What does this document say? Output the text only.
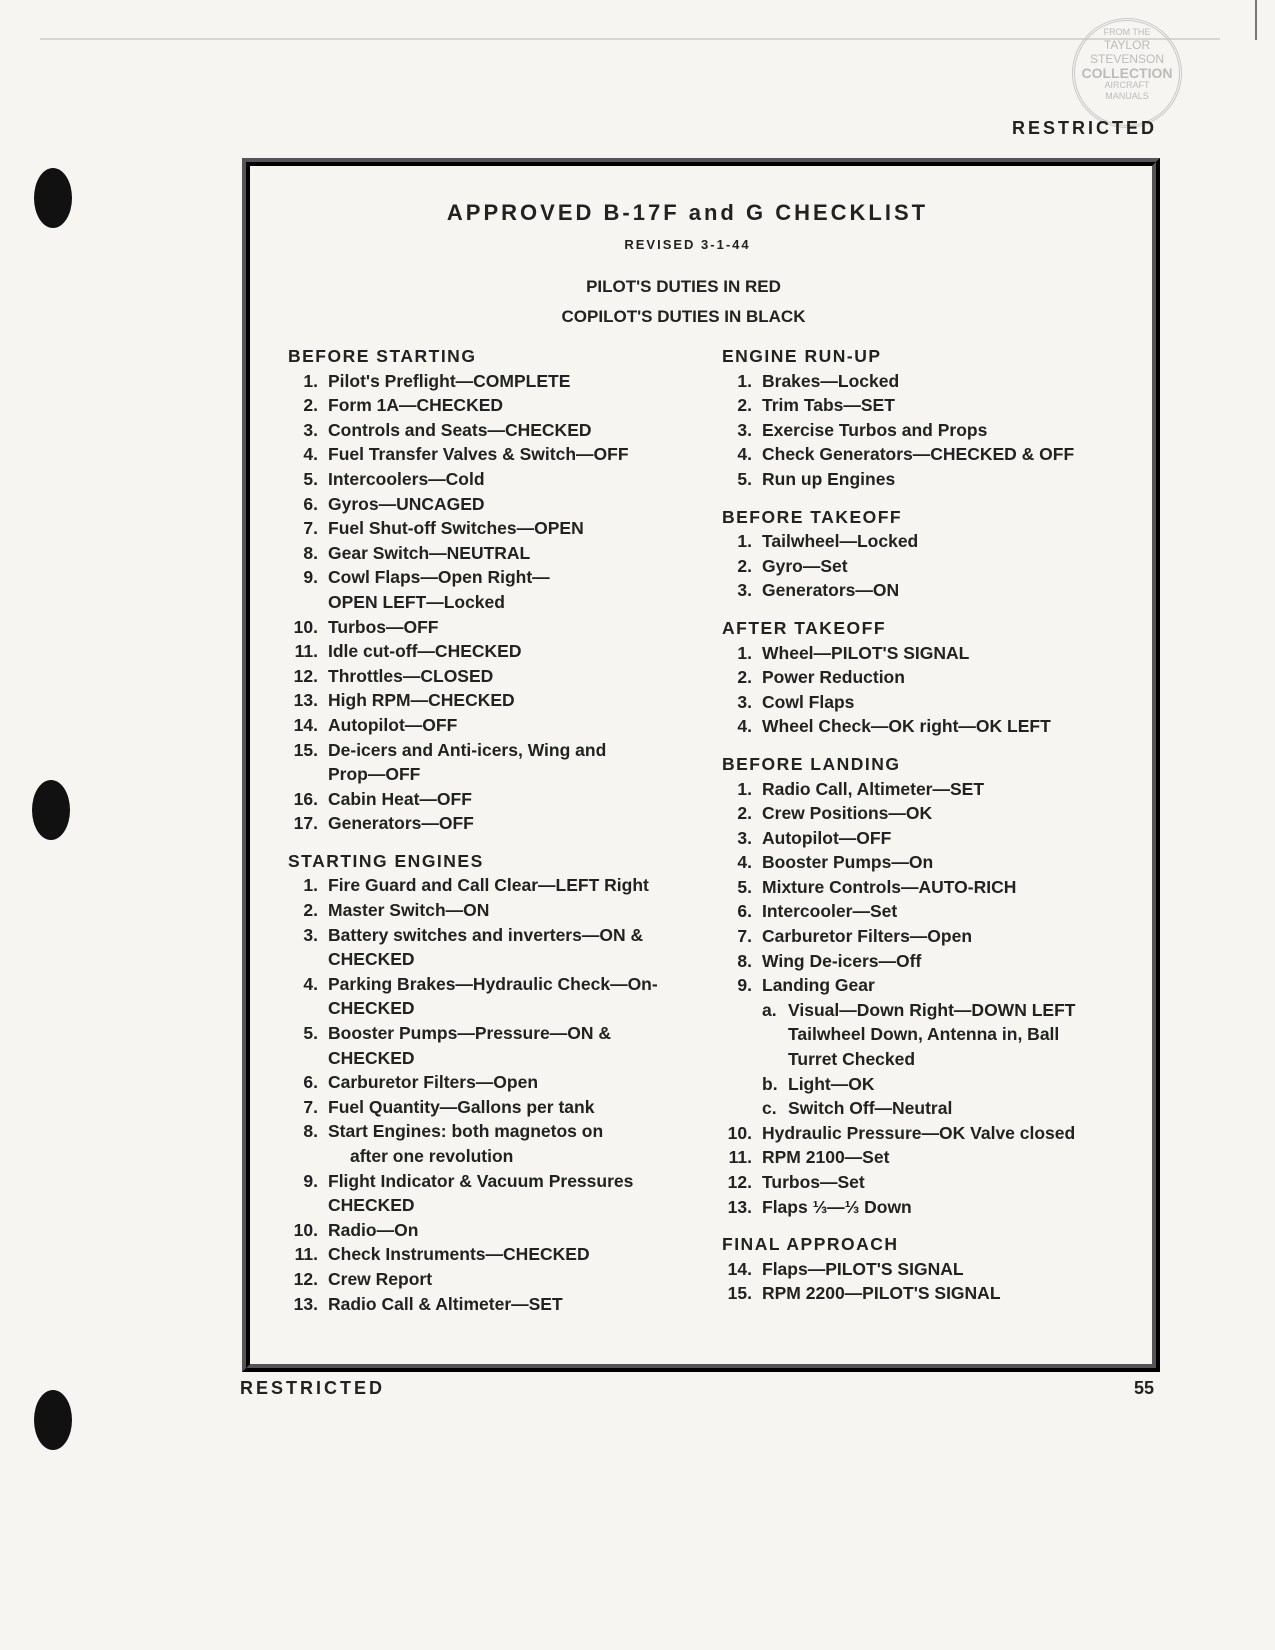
FROM THE
TAYLOR
STEVENSON
COLLECTION
AIRCRAFT
MANUALS
RESTRICTED
APPROVED B-17F and G CHECKLIST
REVISED 3-1-44
PILOT'S DUTIES IN RED
COPILOT'S DUTIES IN BLACK
BEFORE STARTING
1. Pilot's Preflight—COMPLETE
2. Form 1A—CHECKED
3. Controls and Seats—CHECKED
4. Fuel Transfer Valves & Switch—OFF
5. Intercoolers—Cold
6. Gyros—UNCAGED
7. Fuel Shut-off Switches—OPEN
8. Gear Switch—NEUTRAL
9. Cowl Flaps—Open Right—
OPEN LEFT—Locked
10. Turbos—OFF
11. Idle cut-off—CHECKED
12. Throttles—CLOSED
13. High RPM—CHECKED
14. Autopilot—OFF
15. De-icers and Anti-icers, Wing and
Prop—OFF
16. Cabin Heat—OFF
17. Generators—OFF
STARTING ENGINES
1. Fire Guard and Call Clear—LEFT Right
2. Master Switch—ON
3. Battery switches and inverters—ON &
CHECKED
4. Parking Brakes—Hydraulic Check—On-
CHECKED
5. Booster Pumps—Pressure—ON &
CHECKED
6. Carburetor Filters—Open
7. Fuel Quantity—Gallons per tank
8. Start Engines: both magnetos on
after one revolution
9. Flight Indicator & Vacuum Pressures
CHECKED
10. Radio—On
11. Check Instruments—CHECKED
12. Crew Report
13. Radio Call & Altimeter—SET
ENGINE RUN-UP
1. Brakes—Locked
2. Trim Tabs—SET
3. Exercise Turbos and Props
4. Check Generators—CHECKED & OFF
5. Run up Engines
BEFORE TAKEOFF
1. Tailwheel—Locked
2. Gyro—Set
3. Generators—ON
AFTER TAKEOFF
1. Wheel—PILOT'S SIGNAL
2. Power Reduction
3. Cowl Flaps
4. Wheel Check—OK right—OK LEFT
BEFORE LANDING
1. Radio Call, Altimeter—SET
2. Crew Positions—OK
3. Autopilot—OFF
4. Booster Pumps—On
5. Mixture Controls—AUTO-RICH
6. Intercooler—Set
7. Carburetor Filters—Open
8. Wing De-icers—Off
9. Landing Gear
a. Visual—Down Right—DOWN LEFT
Tailwheel Down, Antenna in, Ball
Turret Checked
b. Light—OK
c. Switch Off—Neutral
10. Hydraulic Pressure—OK Valve closed
11. RPM 2100—Set
12. Turbos—Set
13. Flaps ⅓—⅓ Down
FINAL APPROACH
14. Flaps—PILOT'S SIGNAL
15. RPM 2200—PILOT'S SIGNAL
RESTRICTED	55
